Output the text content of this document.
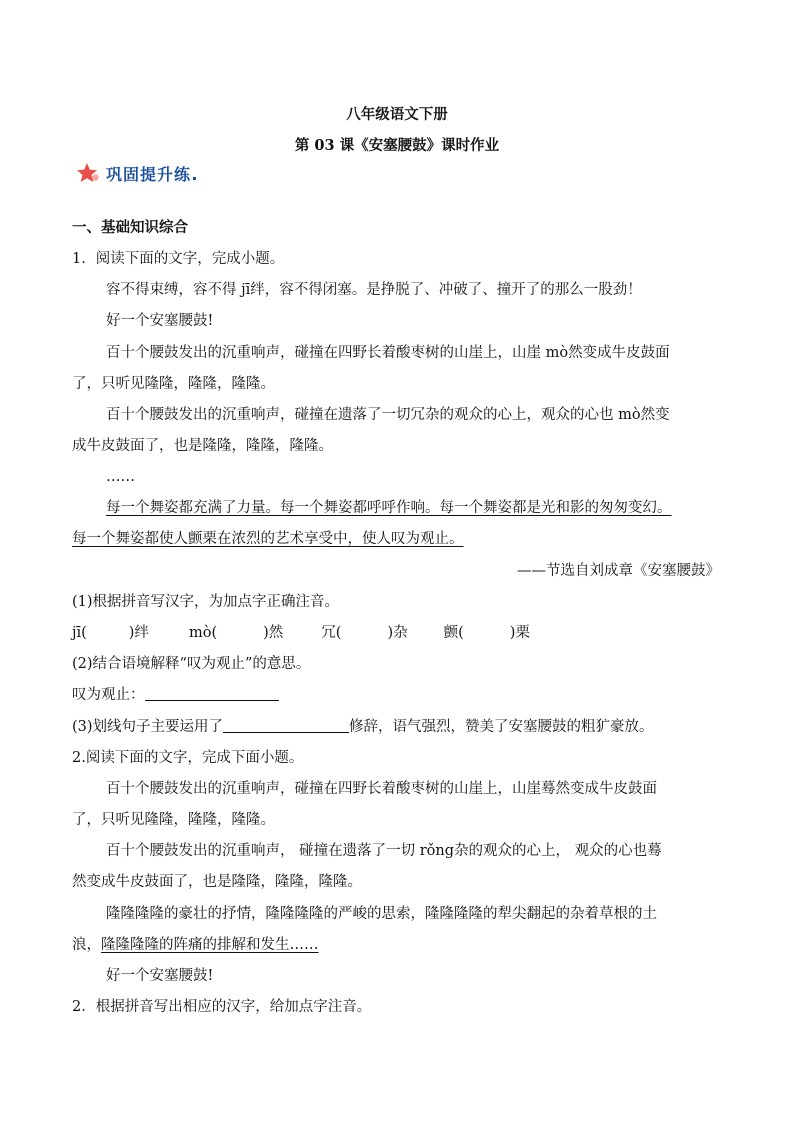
八年级语文下册
第 03 课《安塞腰鼓》课时作业
巩固提升练
一、基础知识综合
1．阅读下面的文字，完成小题。
容不得束缚，容不得 jī绊，容不得闭塞。是挣脱了、冲破了、撞开了的那么一股劲！
好一个安塞腰鼓!
百十个腰鼓发出的沉重响声，碰撞在四野长着酸枣树的山崖上，山崖 mò然变成牛皮鼓面
了，只听见隆隆，隆隆，隆隆。
百十个腰鼓发出的沉重响声，碰撞在遗落了一切冗杂的观众的心上，观众的心也 mò然变
成牛皮鼓面了，也是隆隆，隆隆，隆隆。
……
每一个舞姿都充满了力量。每一个舞姿都呼呼作响。每一个舞姿都是光和影的匆匆变幻。
每一个舞姿都使人颤栗在浓烈的艺术享受中，使人叹为观止。
——节选自刘成章《安塞腰鼓》
(1)根据拼音写汉字，为加点字正确注音。
jī(	)绊	mò(	)然	冗(	)杂 颤(	)栗
(2)结合语境解释“叹为观止”的意思。
叹为观止：
(3)划线句子主要运用了	修辞，语气强烈，赞美了安塞腰鼓的粗犷豪放。
2.阅读下面的文字，完成下面小题。
百十个腰鼓发出的沉重响声，碰撞在四野长着酸枣树的山崖上，山崖蓦然变成牛皮鼓面
了，只听见隆隆，隆隆，隆隆。
百十个腰鼓发出的沉重响声， 碰撞在遗落了一切 rǒng杂的观众的心上， 观众的心也蓦
然变成牛皮鼓面了，也是隆隆，隆隆，隆隆。
隆隆隆隆的豪壮的抒情，隆隆隆隆的严峻的思索，隆隆隆隆的犁尖翻起的杂着草根的土
浪，隆隆隆隆的阵痛的排解和发生……
好一个安塞腰鼓!
2．根据拼音写出相应的汉字，给加点字注音。
